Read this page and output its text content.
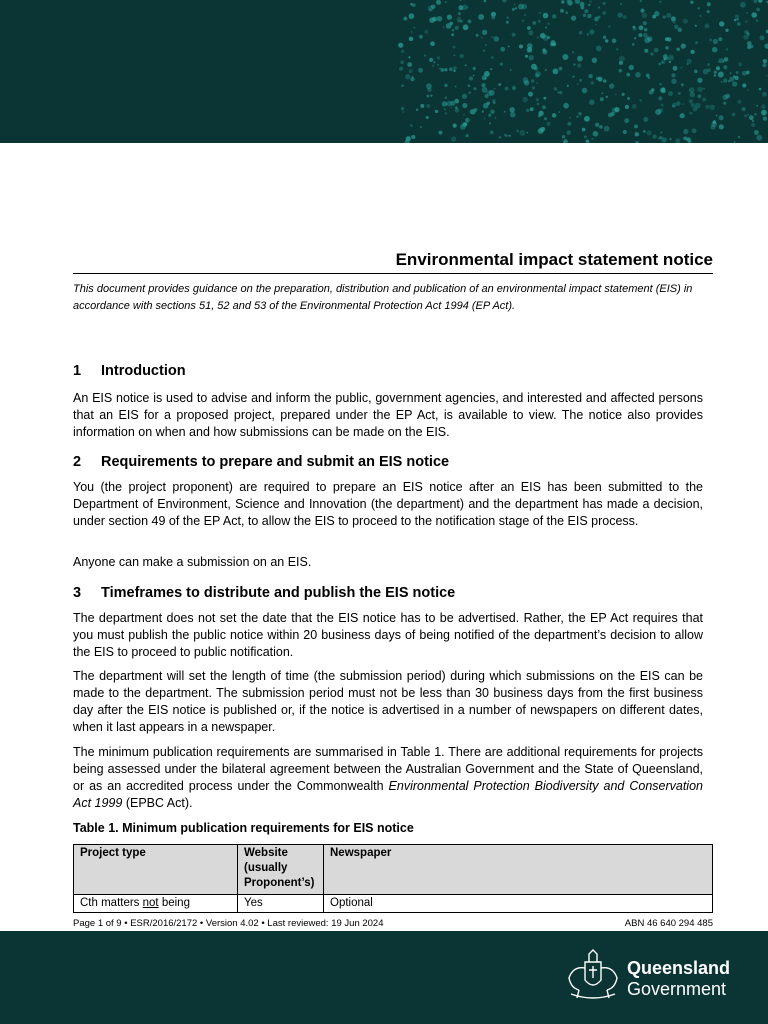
Environmental impact statement notice
This document provides guidance on the preparation, distribution and publication of an environmental impact statement (EIS) in accordance with sections 51, 52 and 53 of the Environmental Protection Act 1994 (EP Act).
1 Introduction
An EIS notice is used to advise and inform the public, government agencies, and interested and affected persons that an EIS for a proposed project, prepared under the EP Act, is available to view. The notice also provides information on when and how submissions can be made on the EIS.
2 Requirements to prepare and submit an EIS notice
You (the project proponent) are required to prepare an EIS notice after an EIS has been submitted to the Department of Environment, Science and Innovation (the department) and the department has made a decision, under section 49 of the EP Act, to allow the EIS to proceed to the notification stage of the EIS process.
Anyone can make a submission on an EIS.
3 Timeframes to distribute and publish the EIS notice
The department does not set the date that the EIS notice has to be advertised. Rather, the EP Act requires that you must publish the public notice within 20 business days of being notified of the department’s decision to allow the EIS to proceed to public notification.
The department will set the length of time (the submission period) during which submissions on the EIS can be made to the department. The submission period must not be less than 30 business days from the first business day after the EIS notice is published or, if the notice is advertised in a number of newspapers on different dates, when it last appears in a newspaper.
The minimum publication requirements are summarised in Table 1. There are additional requirements for projects being assessed under the bilateral agreement between the Australian Government and the State of Queensland, or as an accredited process under the Commonwealth Environmental Protection Biodiversity and Conservation Act 1999 (EPBC Act).
Table 1. Minimum publication requirements for EIS notice
Project type	Website (usually Proponent’s)	Newspaper
Cth matters not being	Yes	Optional
Page 1 of 9 • ESR/2016/2172 • Version 4.02 • Last reviewed: 19 Jun 2024	ABN 46 640 294 485
Queensland
Government
